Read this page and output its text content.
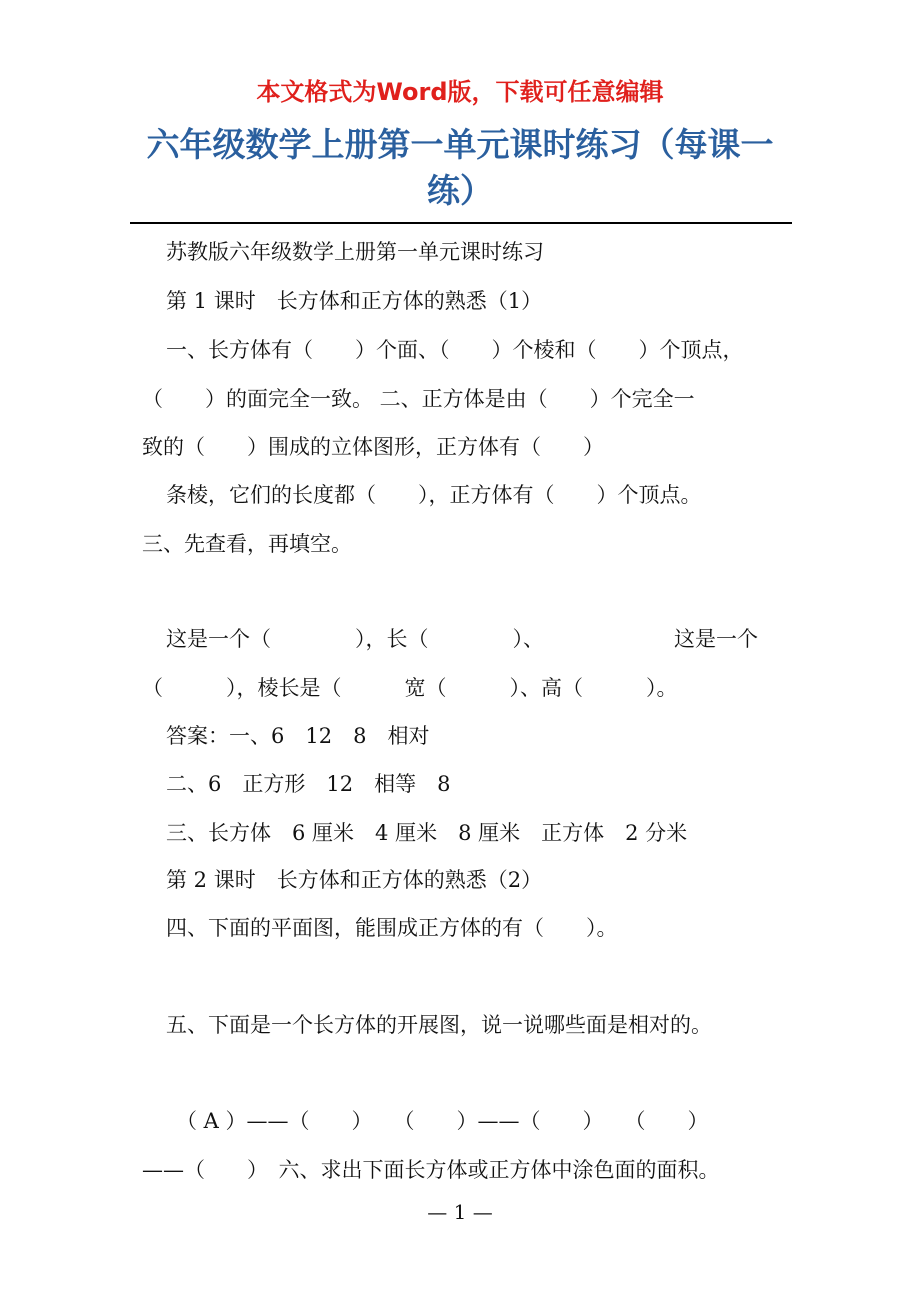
本文格式为Word版，下载可任意编辑
六年级数学上册第一单元课时练习（每课一
练）
苏教版六年级数学上册第一单元课时练习
第 1 课时　长方体和正方体的熟悉（1）
一、长方体有（　　）个面、（　　）个棱和（　　）个顶点，
（　　）的面完全一致。 二、正方体是由（　　）个完全一
致的（　　）围成的立体图形，正方体有（　　）
条棱，它们的长度都（　　），正方体有（　　）个顶点。
三、先查看，再填空。
这是一个（　　　　），长（　　　　）、	这是一个
（　　　），棱长是（　　　宽（　　　）、高（　　　）。
答案：一、6　12　8　相对
二、6　正方形　12　相等　8
三、长方体　6 厘米　4 厘米　8 厘米　正方体　2 分米
第 2 课时　长方体和正方体的熟悉（2）
四、下面的平面图，能围成正方体的有（　　）。
五、下面是一个长方体的开展图，说一说哪些面是相对的。
（ A ）——（　　）　　（　　）——（　　）　　（　　）
——（　　）　六、求出下面长方体或正方体中涂色面的面积。
— 1 —
